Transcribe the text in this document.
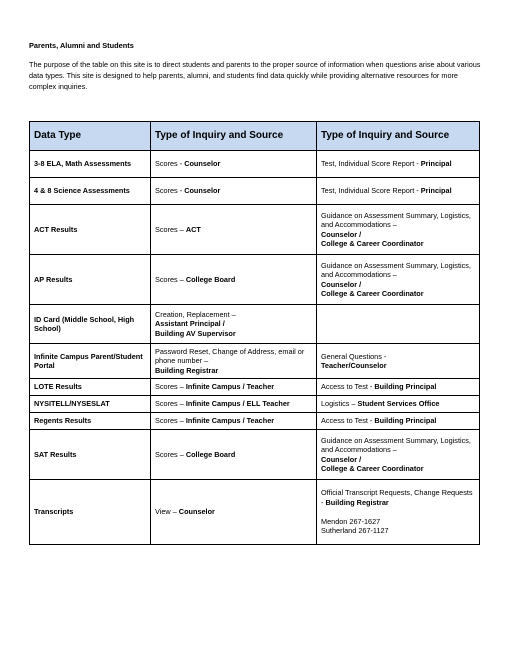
Parents, Alumni and Students
The purpose of the table on this site is to direct students and parents to the proper source of information when questions arise about various data types. This site is designed to help parents, alumni, and students find data quickly while providing alternative resources for more complex inquiries.
Data Type	Type of Inquiry and Source	Type of Inquiry and Source
3-8 ELA, Math Assessments	Scores - Counselor	Test, Individual Score Report - Principal
4 & 8 Science Assessments	Scores - Counselor	Test, Individual Score Report - Principal
ACT Results	Scores – ACT	Guidance on Assessment Summary, Logistics, and Accommodations –
Counselor /
College & Career Coordinator
AP Results	Scores – College Board	Guidance on Assessment Summary, Logistics, and Accommodations –
Counselor /
College & Career Coordinator
ID Card (Middle School, High School)	Creation, Replacement –
Assistant Principal /
Building AV Supervisor	
Infinite Campus Parent/Student Portal	Password Reset, Change of Address, email or phone number –
Building Registrar	General Questions -
Teacher/Counselor
LOTE Results	Scores – Infinite Campus / Teacher	Access to Test - Building Principal
NYSITELL/NYSESLAT	Scores – Infinite Campus / ELL Teacher	Logistics – Student Services Office
Regents Results	Scores – Infinite Campus / Teacher	Access to Test - Building Principal
SAT Results	Scores – College Board	Guidance on Assessment Summary, Logistics, and Accommodations –
Counselor /
College & Career Coordinator
Transcripts	View – Counselor	Official Transcript Requests, Change Requests - Building Registrar

Mendon 267-1627
Sutherland 267-1127
